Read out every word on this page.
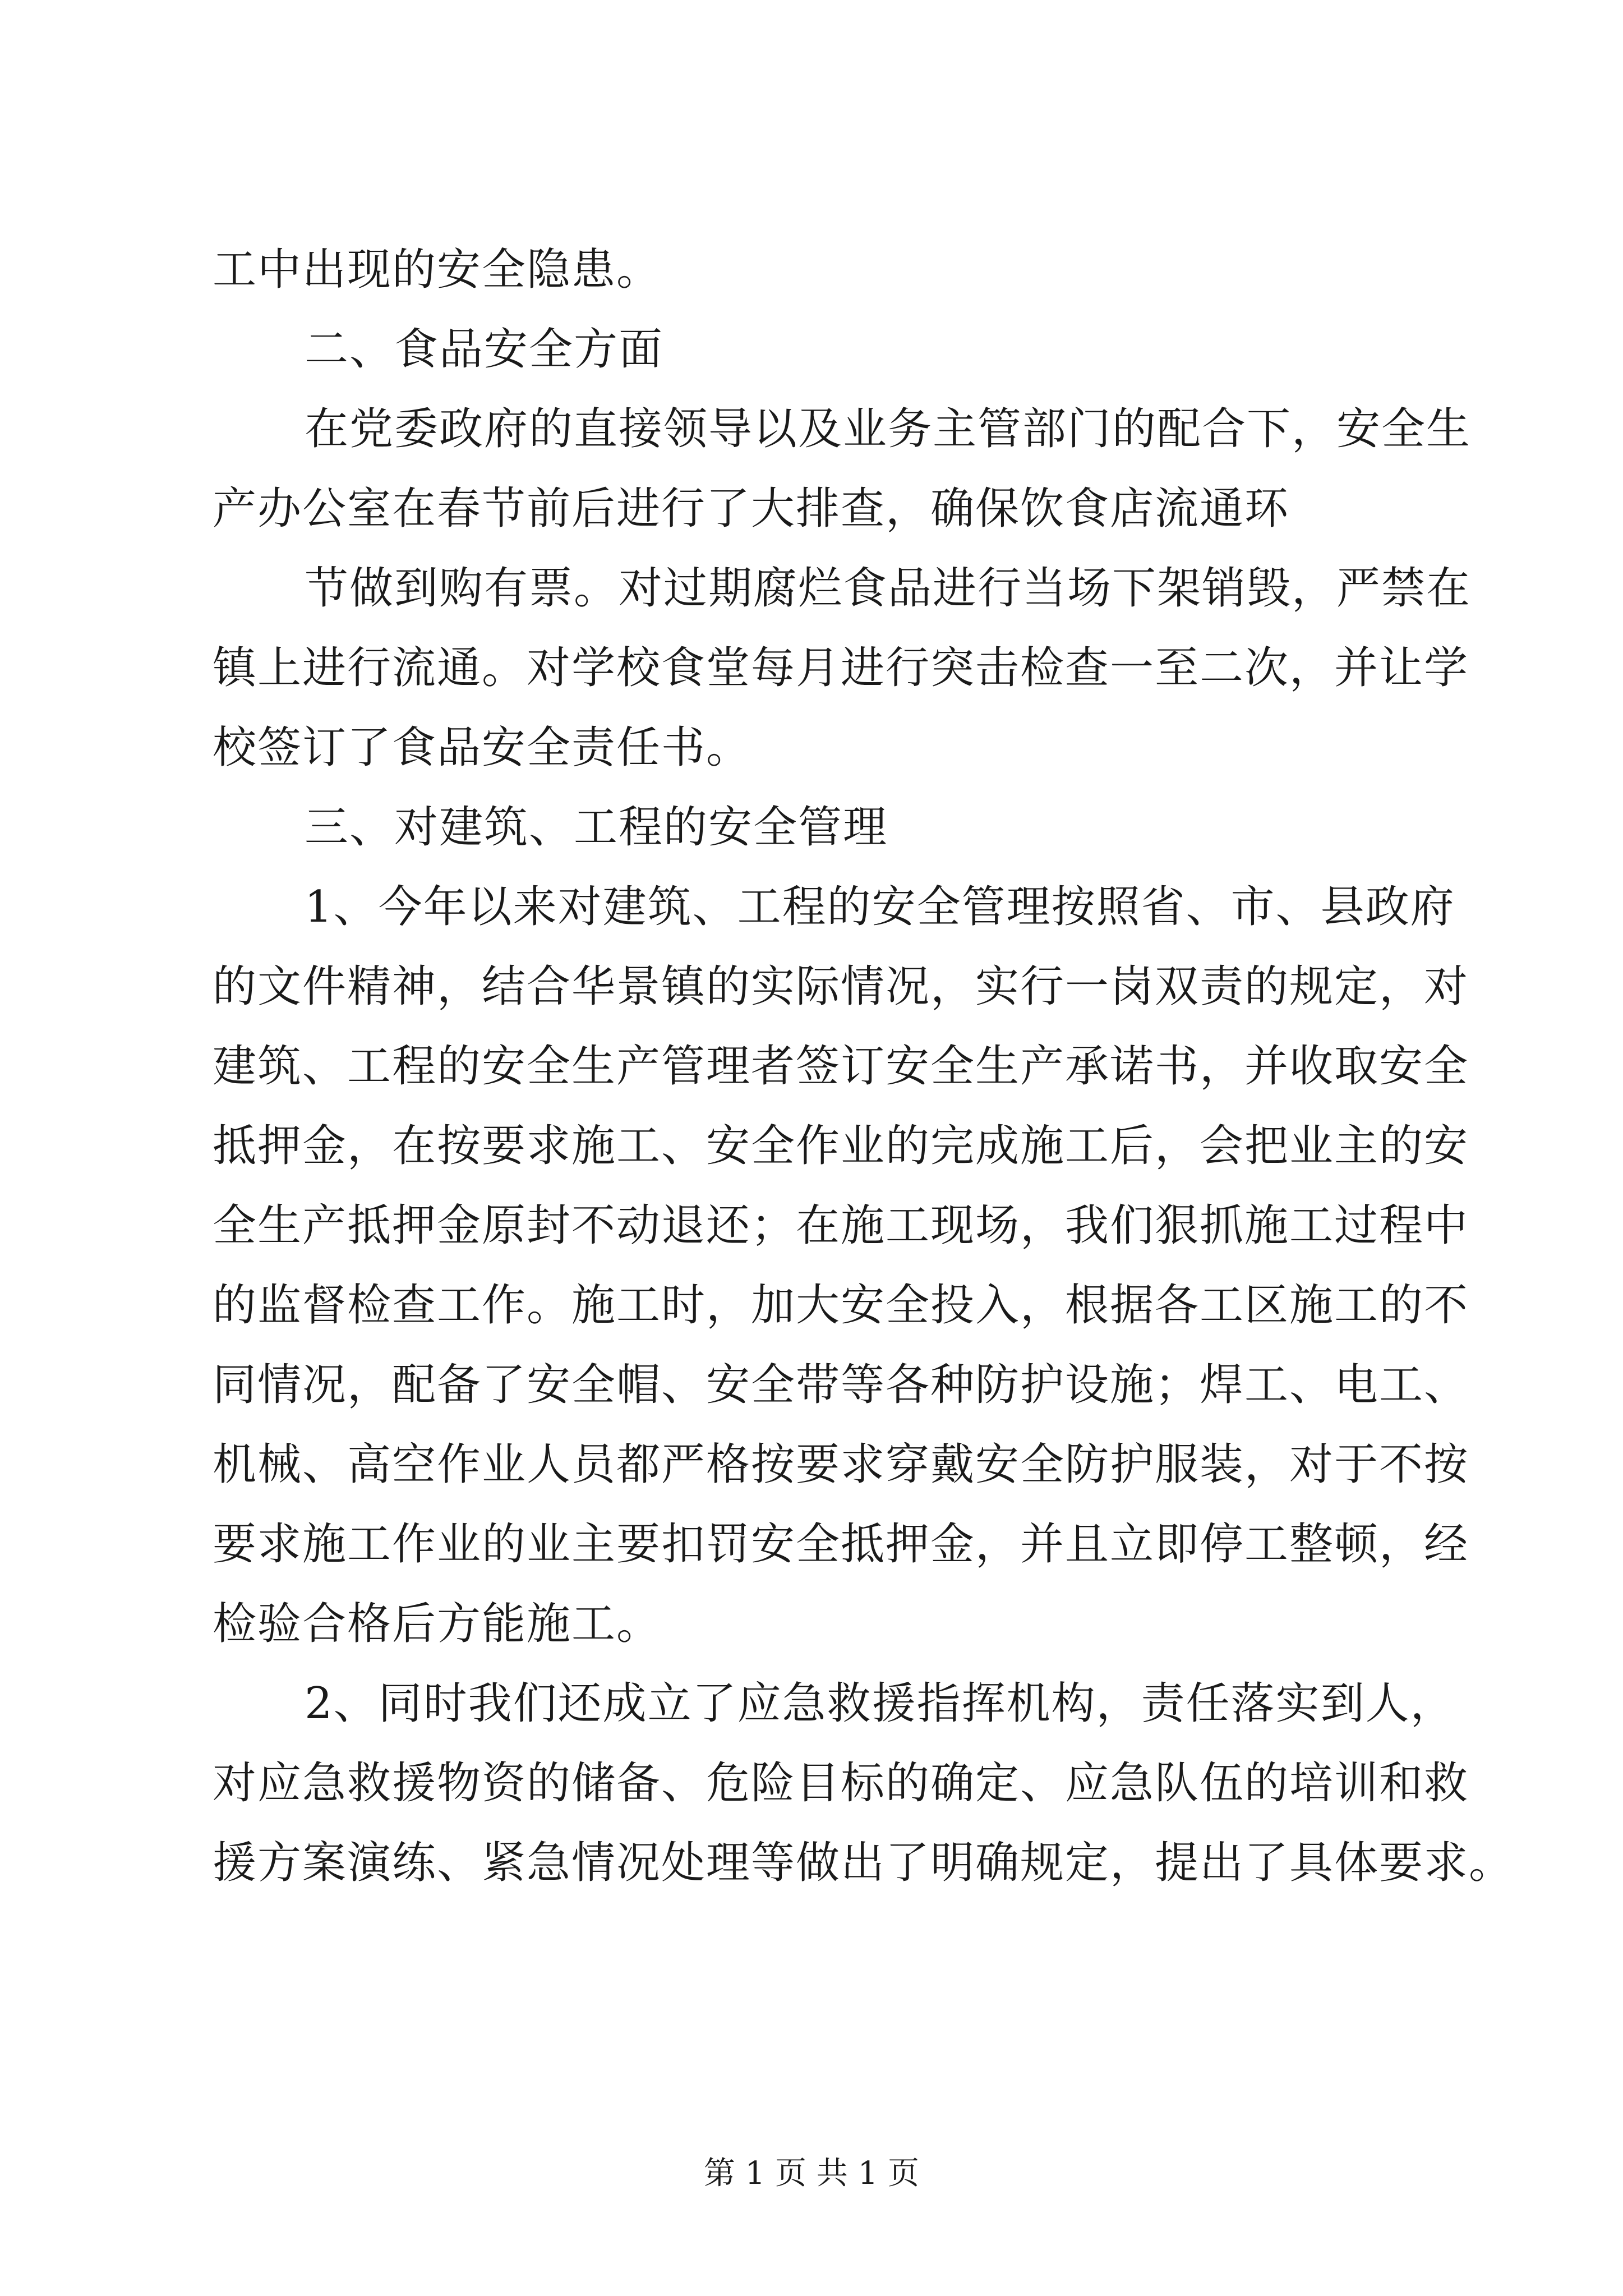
工中出现的安全隐患。
二、食品安全方面
在党委政府的直接领导以及业务主管部门的配合下，安全生
产办公室在春节前后进行了大排查，确保饮食店流通环
节做到购有票。对过期腐烂食品进行当场下架销毁，严禁在
镇上进行流通。对学校食堂每月进行突击检查一至二次，并让学
校签订了食品安全责任书。
三、对建筑、工程的安全管理
1、今年以来对建筑、工程的安全管理按照省、市、县政府
的文件精神，结合华景镇的实际情况，实行一岗双责的规定，对
建筑、工程的安全生产管理者签订安全生产承诺书，并收取安全
抵押金，在按要求施工、安全作业的完成施工后，会把业主的安
全生产抵押金原封不动退还；在施工现场，我们狠抓施工过程中
的监督检查工作。施工时，加大安全投入，根据各工区施工的不
同情况，配备了安全帽、安全带等各种防护设施；焊工、电工、
机械、高空作业人员都严格按要求穿戴安全防护服装，对于不按
要求施工作业的业主要扣罚安全抵押金，并且立即停工整顿，经
检验合格后方能施工。
2、同时我们还成立了应急救援指挥机构，责任落实到人，
对应急救援物资的储备、危险目标的确定、应急队伍的培训和救
援方案演练、紧急情况处理等做出了明确规定，提出了具体要求。
第 1 页 共 1 页
